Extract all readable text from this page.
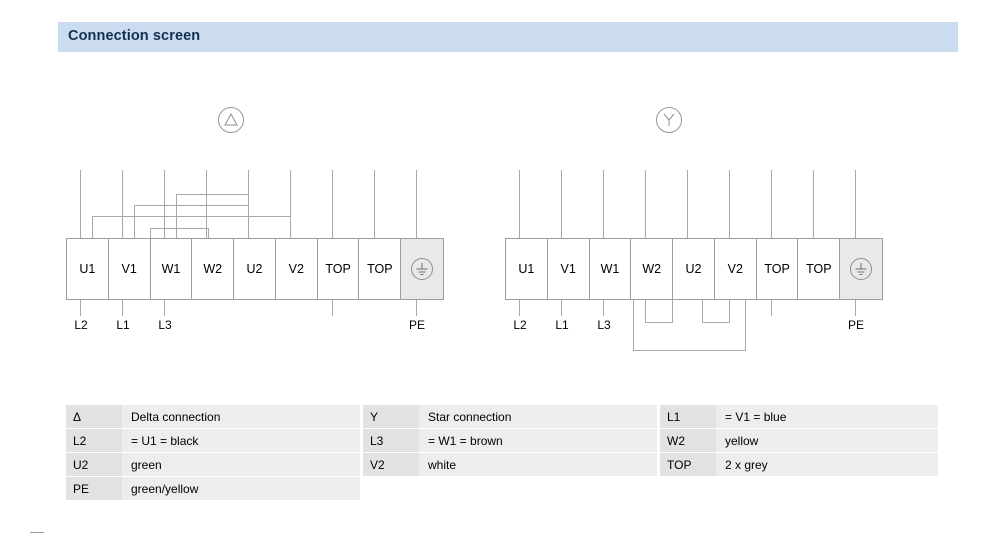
Connection screen
U1 V1 W1 W2 U2 V2 TOP TOP
L2	L1	L3	PE
U1 V1 W1 W2 U2 V2 TOP TOP
L2	L1	L3	PE
Δ	Delta connection
L2	= U1 = black
U2	green
PE	green/yellow
Y	Star connection
L3	= W1 = brown
V2	white
L1	= V1 = blue
W2	yellow
TOP	2 x grey
